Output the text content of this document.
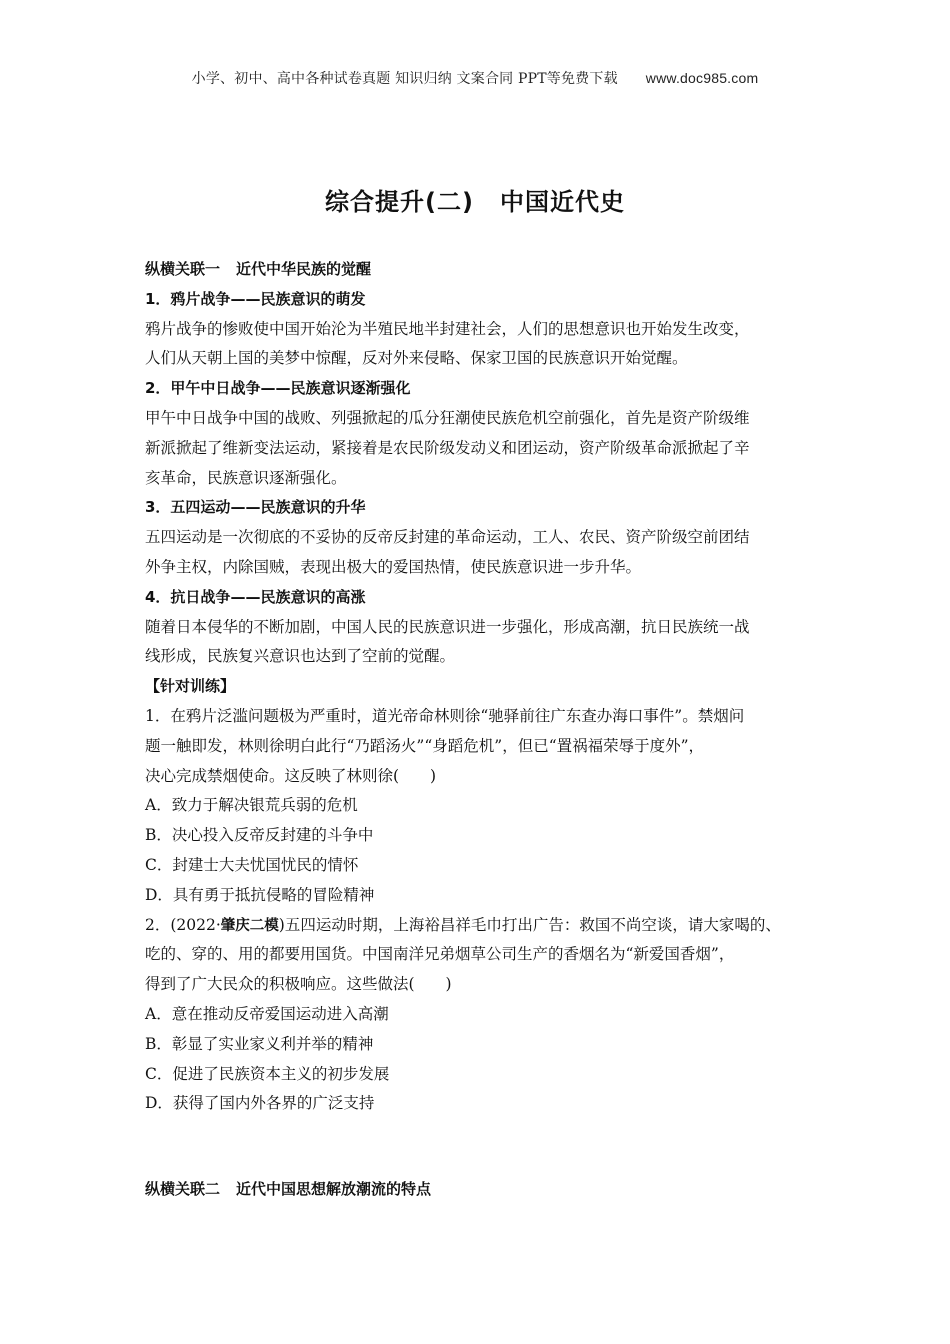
小学、初中、高中各种试卷真题 知识归纳 文案合同 PPT等免费下载 www.doc985.com
综合提升(二) 中国近代史
纵横关联一 近代中华民族的觉醒
1．鸦片战争——民族意识的萌发
鸦片战争的惨败使中国开始沦为半殖民地半封建社会，人们的思想意识也开始发生改变，
人们从天朝上国的美梦中惊醒，反对外来侵略、保家卫国的民族意识开始觉醒。
2．甲午中日战争——民族意识逐渐强化
甲午中日战争中国的战败、列强掀起的瓜分狂潮使民族危机空前强化，首先是资产阶级维
新派掀起了维新变法运动，紧接着是农民阶级发动义和团运动，资产阶级革命派掀起了辛
亥革命，民族意识逐渐强化。
3．五四运动——民族意识的升华
五四运动是一次彻底的不妥协的反帝反封建的革命运动，工人、农民、资产阶级空前团结
外争主权，内除国贼，表现出极大的爱国热情，使民族意识进一步升华。
4．抗日战争——民族意识的高涨
随着日本侵华的不断加剧，中国人民的民族意识进一步强化，形成高潮，抗日民族统一战
线形成，民族复兴意识也达到了空前的觉醒。
【针对训练】
1．在鸦片泛滥问题极为严重时，道光帝命林则徐“驰驿前往广东查办海口事件”。禁烟问
题一触即发，林则徐明白此行“乃蹈汤火”“身蹈危机”，但已“置祸福荣辱于度外”，
决心完成禁烟使命。这反映了林则徐(　　)
A．致力于解决银荒兵弱的危机
B．决心投入反帝反封建的斗争中
C．封建士大夫忧国忧民的情怀
D．具有勇于抵抗侵略的冒险精神
2．(2022·肇庆二模)五四运动时期，上海裕昌祥毛巾打出广告：救国不尚空谈，请大家喝的、
吃的、穿的、用的都要用国货。中国南洋兄弟烟草公司生产的香烟名为“新爱国香烟”，
得到了广大民众的积极响应。这些做法(　　)
A．意在推动反帝爱国运动进入高潮
B．彰显了实业家义利并举的精神
C．促进了民族资本主义的初步发展
D．获得了国内外各界的广泛支持
纵横关联二 近代中国思想解放潮流的特点
